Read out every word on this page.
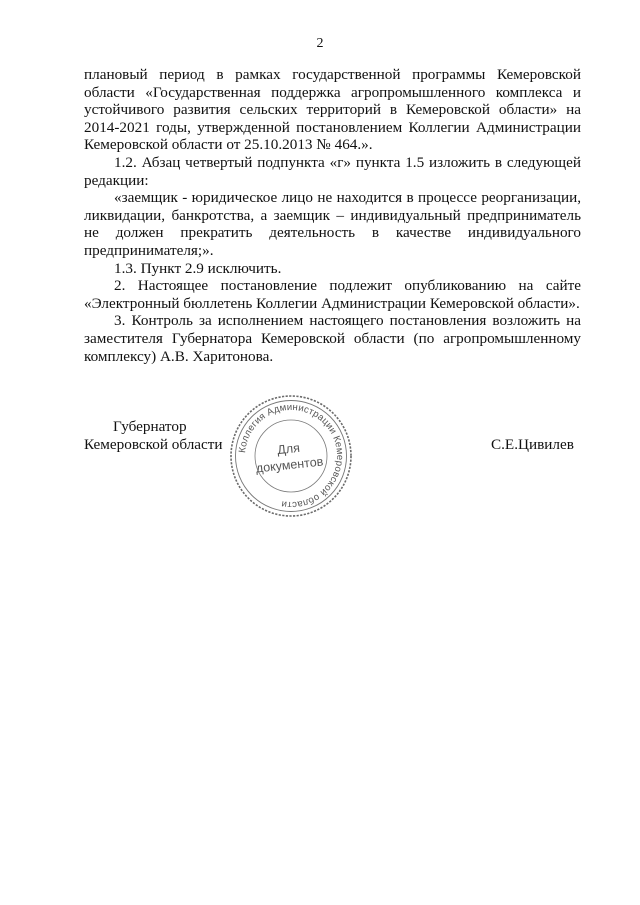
2

плановый период в рамках государственной программы Кемеровской области «Государственная поддержка агропромышленного комплекса и устойчивого развития сельских территорий в Кемеровской области» на 2014-2021 годы, утвержденной постановлением Коллегии Администрации Кемеровской области от 25.10.2013 № 464.».

1.2. Абзац четвертый подпункта «г» пункта 1.5 изложить в следующей редакции:

«заемщик - юридическое лицо не находится в процессе реорганизации, ликвидации, банкротства, а заемщик – индивидуальный предприниматель не должен прекратить деятельность в качестве индивидуального предпринимателя;».

1.3. Пункт 2.9 исключить.

2. Настоящее постановление подлежит опубликованию на сайте «Электронный бюллетень Коллегии Администрации Кемеровской области».

3. Контроль за исполнением настоящего постановления возложить на заместителя Губернатора Кемеровской области (по агропромышленному комплексу) А.В. Харитонова.

Губернатор
Кемеровской области	С.Е.Цивилев
Коллегия Администрации Кемеровской области
Для
документов
